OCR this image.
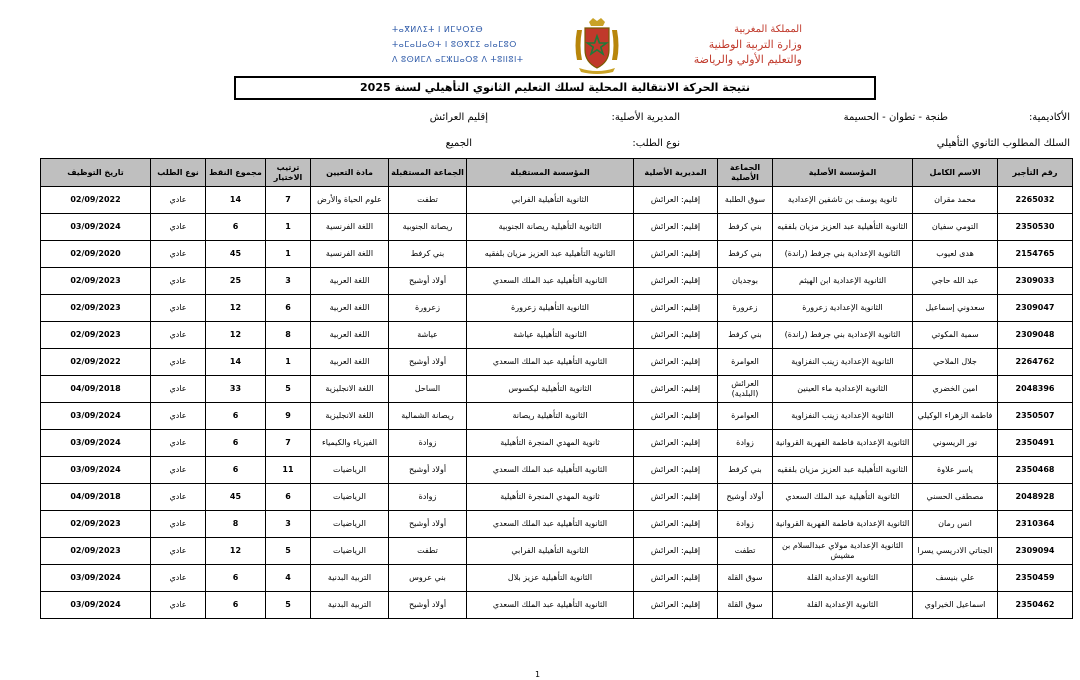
المملكة المغربية
وزارة التربية الوطنية
والتعليم الأولي والرياضة
ⵜⴰⴳⵍⴷⵉⵜ ⵏ ⵍⵎⵖⵔⵉⴱ
ⵜⴰⵎⴰⵡⴰⵙⵜ ⵏ ⵓⵙⴳⵎⵉ ⴰⵏⴰⵎⵓⵔ
ⴷ ⵓⵙⵍⵎⴷ ⴰⵎⵣⵡⴰⵔⵓ ⴷ ⵜⵓⵏⵏⵓⵏⵜ
نتيجة الحركة الانتقالية المحلية لسلك التعليم الثانوي التأهيلي لسنة 2025
الأكاديمية:
طنجة - تطوان - الحسيمة
المديرية الأصلية:
إقليم العرائش
السلك المطلوب الثانوي التأهيلي
نوع الطلب:
الجميع
رقم التأجير	الاسم الكامل	المؤسسة الأصلية	الجماعة الأصلية	المديرية الأصلية	المؤسسة المستقبلة	الجماعة المستقبلة	مادة التعيين	ترتيب الاختيار	مجموع النقط	نوع الطلب	تاريخ التوظيف
2265032	محمد مقران	ثانوية يوسف بن تاشفين الإعدادية	سوق الطلبة	إقليم: العرائش	الثانوية التأهيلية الفرابي	تطفت	علوم الحياة والأرض	7	14	عادي	02/09/2022
2350530	التومي سفيان	الثانوية التأهيلية عبد العزيز مزيان بلفقيه	بني كرفط	إقليم: العرائش	الثانوية التأهيلية ريصانة الجنوبية	ريصانة الجنوبية	اللغة الفرنسية	1	6	عادي	03/09/2024
2154765	هدى لعيوب	الثانوية الإعدادية بني جرفط (راندة)	بني كرفط	إقليم: العرائش	الثانوية التأهيلية عبد العزيز مزيان بلفقيه	بني كرفط	اللغة الفرنسية	1	45	عادي	02/09/2020
2309033	عبد الله حاجي	الثانوية الإعدادية ابن الهيثم	بوجديان	إقليم: العرائش	الثانوية التأهيلية عبد الملك السعدي	أولاد أوشيح	اللغة العربية	3	25	عادي	02/09/2023
2309047	سعدوني إسماعيل	الثانوية الإعدادية زعرورة	زعرورة	إقليم: العرائش	الثانوية التأهيلية زعرورة	زعرورة	اللغة العربية	6	12	عادي	02/09/2023
2309048	سمية المكوتي	الثانوية الإعدادية بني جرفط (راندة)	بني كرفط	إقليم: العرائش	الثانوية التأهيلية عياشة	عياشة	اللغة العربية	8	12	عادي	02/09/2023
2264762	جلال الملاحي	الثانوية الإعدادية زينب النفزاوية	العوامرة	إقليم: العرائش	الثانوية التأهيلية عبد الملك السعدي	أولاد أوشيح	اللغة العربية	1	14	عادي	02/09/2022
2048396	امين الخضري	الثانوية الإعدادية ماء العينين	العرائش (البلدية)	إقليم: العرائش	الثانوية التأهيلية ليكسوس	الساحل	اللغة الانجليزية	5	33	عادي	04/09/2018
2350507	فاطمة الزهراء الوكيلي	الثانوية الإعدادية زينب النفزاوية	العوامرة	إقليم: العرائش	الثانوية التأهيلية ريصانة	ريصانة الشمالية	اللغة الانجليزية	9	6	عادي	03/09/2024
2350491	نور الريسوني	الثانوية الإعدادية فاطمة الفهرية القروانية	زوادة	إقليم: العرائش	ثانوية المهدي المنجرة التأهيلية	زوادة	الفيزياء والكيمياء	7	6	عادي	03/09/2024
2350468	ياسر علاوة	الثانوية التأهيلية عبد العزيز مزيان بلفقيه	بني كرفط	إقليم: العرائش	الثانوية التأهيلية عبد الملك السعدي	أولاد أوشيح	الرياضيات	11	6	عادي	03/09/2024
2048928	مصطفى الحسني	الثانوية التأهيلية عبد الملك السعدي	أولاد أوشيح	إقليم: العرائش	ثانوية المهدي المنجرة التأهيلية	زوادة	الرياضيات	6	45	عادي	04/09/2018
2310364	انس رمان	الثانوية الإعدادية فاطمة الفهرية القروانية	زوادة	إقليم: العرائش	الثانوية التأهيلية عبد الملك السعدي	أولاد أوشيح	الرياضيات	3	8	عادي	02/09/2023
2309094	الجناتي الادريسي يسرا	الثانوية الإعدادية مولاي عبدالسلام بن مشيش	تطفت	إقليم: العرائش	الثانوية التأهيلية الفرابي	تطفت	الرياضيات	5	12	عادي	02/09/2023
2350459	علي بنيسف	الثانوية الإعدادية القلة	سوق القلة	إقليم: العرائش	الثانوية التأهيلية عزيز بلال	بني عروس	التربية البدنية	4	6	عادي	03/09/2024
2350462	اسماعيل الخيراوي	الثانوية الإعدادية القلة	سوق القلة	إقليم: العرائش	الثانوية التأهيلية عبد الملك السعدي	أولاد أوشيح	التربية البدنية	5	6	عادي	03/09/2024
1
